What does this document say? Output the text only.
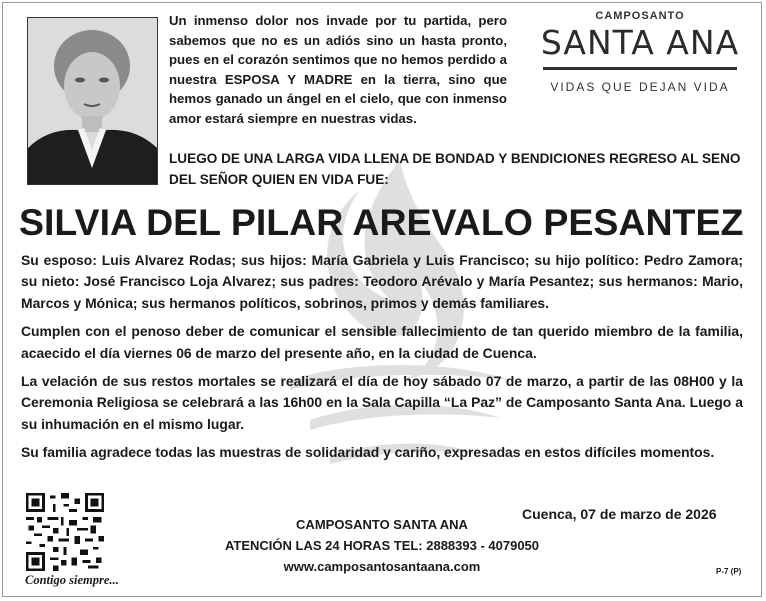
Un inmenso dolor nos invade por tu partida, pero sabemos que no es un adiós sino un hasta pronto, pues en el corazón sentimos que no hemos perdido a nuestra ESPOSA Y MADRE en la tierra, sino que hemos ganado un ángel en el cielo, que con inmenso amor estará siempre en nuestras vidas.
CAMPOSANTO
SANTA ANA
VIDAS QUE DEJAN VIDA
LUEGO DE UNA LARGA VIDA LLENA DE BONDAD Y BENDICIONES REGRESO AL SENO DEL SEÑOR QUIEN EN VIDA FUE:
SILVIA DEL PILAR AREVALO PESANTEZ

Su esposo: Luis Alvarez Rodas; sus hijos: María Gabriela y Luis Francisco; su hijo político: Pedro Zamora; su nieto: José Francisco Loja Alvarez; sus padres: Teodoro Arévalo y María Pesantez; sus hermanos: Mario, Marcos y Mónica; sus hermanos políticos, sobrinos, primos y demás familiares.

Cumplen con el penoso deber de comunicar el sensible fallecimiento de tan querido miembro de la familia, acaecido el día viernes 06 de marzo del presente año, en la ciudad de Cuenca.

La velación de sus restos mortales se realizará el día de hoy sábado 07 de marzo, a partir de las 08H00 y la Ceremonia Religiosa se celebrará a las 16h00 en la Sala Capilla “La Paz” de Camposanto Santa Ana. Luego a su inhumación en el mismo lugar.

Su familia agradece todas las muestras de solidaridad y cariño, expresadas en estos difíciles momentos.

Contigo siempre...
CAMPOSANTO SANTA ANA
ATENCIÓN LAS 24 HORAS TEL: 2888393 - 4079050
www.camposantosantaana.com
Cuenca, 07 de marzo de 2026
P-7 (P)
